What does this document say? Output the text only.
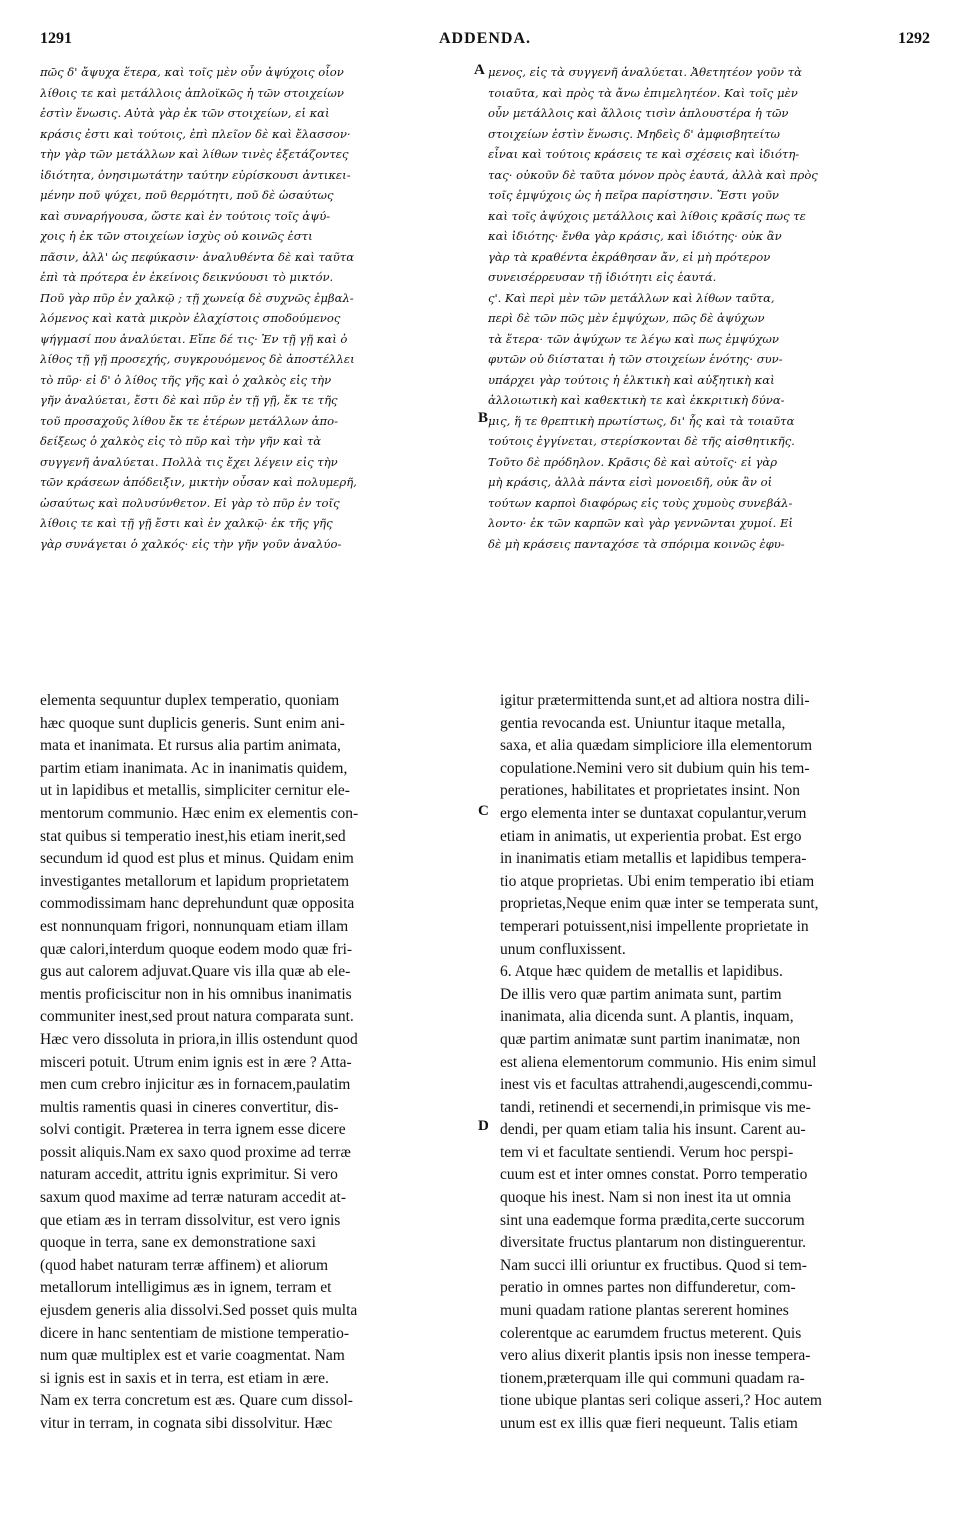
1291	ADDENDA.	1292
πῶς δ' ἄψυχα ἕτερα, καὶ τοῖς μὲν οὖν ἀψύχοις οἷον
λίθοις τε καὶ μετάλλοις ἁπλοϊκῶς ἡ τῶν στοιχείων
ἐστὶν ἕνωσις. Αὐτὰ γὰρ ἐκ τῶν στοιχείων, εἰ καὶ
κράσις ἐστι καὶ τούτοις, ἐπὶ πλεῖον δὲ καὶ ἔλασσον·
τὴν γὰρ τῶν μετάλλων καὶ λίθων τινὲς ἐξετάζοντες
ἰδιότητα, ὀνησιμωτάτην ταύτην εὑρίσκουσι ἀντικει-
μένην ποῦ ψύχει, ποῦ θερμότητι, ποῦ δὲ ὡσαύτως
καὶ συναρήγουσα, ὥστε καὶ ἐν τούτοις τοῖς ἀψύ-
χοις ἡ ἐκ τῶν στοιχείων ἰσχὺς οὐ κοινῶς ἐστι
πᾶσιν, ἀλλ' ὡς πεφύκασιν· ἀναλυθέντα δὲ καὶ ταῦτα
ἐπὶ τὰ πρότερα ἐν ἐκείνοις δεικνύουσι τὸ μικτόν.
Ποῦ γὰρ πῦρ ἐν χαλκῷ ; τῇ χωνείᾳ δὲ συχνῶς ἐμβαλ-
λόμενος καὶ κατὰ μικρὸν ἐλαχίστοις σποδούμενος
ψήγμασί που ἀναλύεται. Εἴπε δέ τις· Ἐν τῇ γῇ καὶ ὁ
λίθος τῇ γῇ προσεχής, συγκρουόμενος δὲ ἀποστέλλει
τὸ πῦρ· εἰ δ' ὁ λίθος τῆς γῆς καὶ ὁ χαλκὸς εἰς τὴν
γῆν ἀναλύεται, ἔστι δὲ καὶ πῦρ ἐν τῇ γῇ, ἔκ τε τῆς
τοῦ προσαχοῦς λίθου ἔκ τε ἑτέρων μετάλλων ἀπο-
δείξεως ὁ χαλκὸς εἰς τὸ πῦρ καὶ τὴν γῆν καὶ τὰ
συγγενῆ ἀναλύεται. Πολλὰ τις ἔχει λέγειν εἰς τὴν
τῶν κράσεων ἀπόδειξιν, μικτὴν οὖσαν καὶ πολυμερῆ,
ὡσαύτως καὶ πολυσύνθετον. Εἰ γὰρ τὸ πῦρ ἐν τοῖς
λίθοις τε καὶ τῇ γῇ ἔστι καὶ ἐν χαλκῷ· ἐκ τῆς γῆς
γὰρ συνάγεται ὁ χαλκός· εἰς τὴν γῆν γοῦν ἀναλύο-
μενος, εἰς τὰ συγγενῆ ἀναλύεται. Ἀθετητέον γοῦν τὰ
τοιαῦτα, καὶ πρὸς τὰ ἄνω ἐπιμελητέον. Καὶ τοῖς μὲν
οὖν μετάλλοις καὶ ἄλλοις τισὶν ἁπλουστέρα ἡ τῶν
στοιχείων ἐστὶν ἕνωσις. Μηδεὶς δ' ἀμφισβητείτω
εἶναι καὶ τούτοις κράσεις τε καὶ σχέσεις καὶ ἰδιότη-
τας· οὐκοῦν δὲ ταῦτα μόνον πρὸς ἑαυτά, ἀλλὰ καὶ πρὸς
τοῖς ἐμψύχοις ὡς ἡ πεῖρα παρίστησιν. Ἔστι γοῦν
καὶ τοῖς ἀψύχοις μετάλλοις καὶ λίθοις κρᾶσίς πως τε
καὶ ἰδιότης· ἔνθα γὰρ κράσις, καὶ ἰδιότης· οὐκ ἂν
γὰρ τὰ κραθέντα ἐκράθησαν ἄν, εἰ μὴ πρότερον
συνεισέρρευσαν τῇ ἰδιότητι εἰς ἑαυτά.
ς'. Καὶ περὶ μὲν τῶν μετάλλων καὶ λίθων ταῦτα,
περὶ δὲ τῶν πῶς μὲν ἐμψύχων, πῶς δὲ ἀψύχων
τὰ ἕτερα· τῶν ἀψύχων τε λέγω καὶ πως ἐμψύχων
φυτῶν οὐ διίσταται ἡ τῶν στοιχείων ἑνότης· συν-
υπάρχει γὰρ τούτοις ἡ ἑλκτικὴ καὶ αὐξητικὴ καὶ
ἀλλοιωτικὴ καὶ καθεκτικὴ τε καὶ ἐκκριτικὴ δύνα-
μις, ἥ τε θρεπτικὴ πρωτίστως, δι' ἧς καὶ τὰ τοιαῦτα
τούτοις ἐγγίνεται, στερίσκονται δὲ τῆς αἰσθητικῆς.
Τοῦτο δὲ πρόδηλον. Κρᾶσις δὲ καὶ αὐτοῖς· εἰ γὰρ
μὴ κράσις, ἀλλὰ πάντα εἰσὶ μονοειδῆ, οὐκ ἂν οἱ
τούτων καρποὶ διαφόρως εἰς τοὺς χυμοὺς συνεβάλ-
λοντο· ἐκ τῶν καρπῶν καὶ γὰρ γεννῶνται χυμοί. Εἰ
δὲ μὴ κράσεις πανταχόσε τὰ σπόριμα κοινῶς ἐφυ-
A
B
C
D
elementa sequuntur duplex temperatio, quoniam
hæc quoque sunt duplicis generis. Sunt enim ani-
mata et inanimata. Et rursus alia partim animata,
partim etiam inanimata. Ac in inanimatis quidem,
ut in lapidibus et metallis, simpliciter cernitur ele-
mentorum communio. Hæc enim ex elementis con-
stat quibus si temperatio inest,his etiam inerit,sed
secundum id quod est plus et minus. Quidam enim
investigantes metallorum et lapidum proprietatem
commodissimam hanc deprehundunt quæ opposita
est nonnunquam frigori, nonnunquam etiam illam
quæ calori,interdum quoque eodem modo quæ fri-
gus aut calorem adjuvat.Quare vis illa quæ ab ele-
mentis proficiscitur non in his omnibus inanimatis
communiter inest,sed prout natura comparata sunt.
Hæc vero dissoluta in priora,in illis ostendunt quod
misceri potuit. Utrum enim ignis est in ære ? Atta-
men cum crebro injicitur æs in fornacem,paulatim
multis ramentis quasi in cineres convertitur, dis-
solvi contigit. Præterea in terra ignem esse dicere
possit aliquis.Nam ex saxo quod proxime ad terræ
naturam accedit, attritu ignis exprimitur. Si vero
saxum quod maxime ad terræ naturam accedit at-
que etiam æs in terram dissolvitur, est vero ignis
quoque in terra, sane ex demonstratione saxi
(quod habet naturam terræ affinem) et aliorum
metallorum intelligimus æs in ignem, terram et
ejusdem generis alia dissolvi.Sed posset quis multa
dicere in hanc sententiam de mistione temperatio-
num quæ multiplex est et varie coagmentat. Nam
si ignis est in saxis et in terra, est etiam in ære.
Nam ex terra concretum est æs. Quare cum dissol-
vitur in terram, in cognata sibi dissolvitur. Hæc
igitur prætermittenda sunt,et ad altiora nostra dili-
gentia revocanda est. Uniuntur itaque metalla,
saxa, et alia quædam simpliciore illa elementorum
copulatione.Nemini vero sit dubium quin his tem-
perationes, habilitates et proprietates insint. Non
ergo elementa inter se duntaxat copulantur,verum
etiam in animatis, ut experientia probat. Est ergo
in inanimatis etiam metallis et lapidibus tempera-
tio atque proprietas. Ubi enim temperatio ibi etiam
proprietas,Neque enim quæ inter se temperata sunt,
temperari potuissent,nisi impellente proprietate in
unum confluxissent.
6. Atque hæc quidem de metallis et lapidibus.
De illis vero quæ partim animata sunt, partim
inanimata, alia dicenda sunt. A plantis, inquam,
quæ partim animatæ sunt partim inanimatæ, non
est aliena elementorum communio. His enim simul
inest vis et facultas attrahendi,augescendi,commu-
tandi, retinendi et secernendi,in primisque vis me-
dendi, per quam etiam talia his insunt. Carent au-
tem vi et facultate sentiendi. Verum hoc perspi-
cuum est et inter omnes constat. Porro temperatio
quoque his inest. Nam si non inest ita ut omnia
sint una eademque forma prædita,certe succorum
diversitate fructus plantarum non distinguerentur.
Nam succi illi oriuntur ex fructibus. Quod si tem-
peratio in omnes partes non diffunderetur, com-
muni quadam ratione plantas sererent homines
colerentque ac earumdem fructus meterent. Quis
vero alius dixerit plantis ipsis non inesse tempera-
tionem,præterquam ille qui communi quadam ra-
tione ubique plantas seri colique asseri,? Hoc autem
unum est ex illis quæ fieri nequeunt. Talis etiam
